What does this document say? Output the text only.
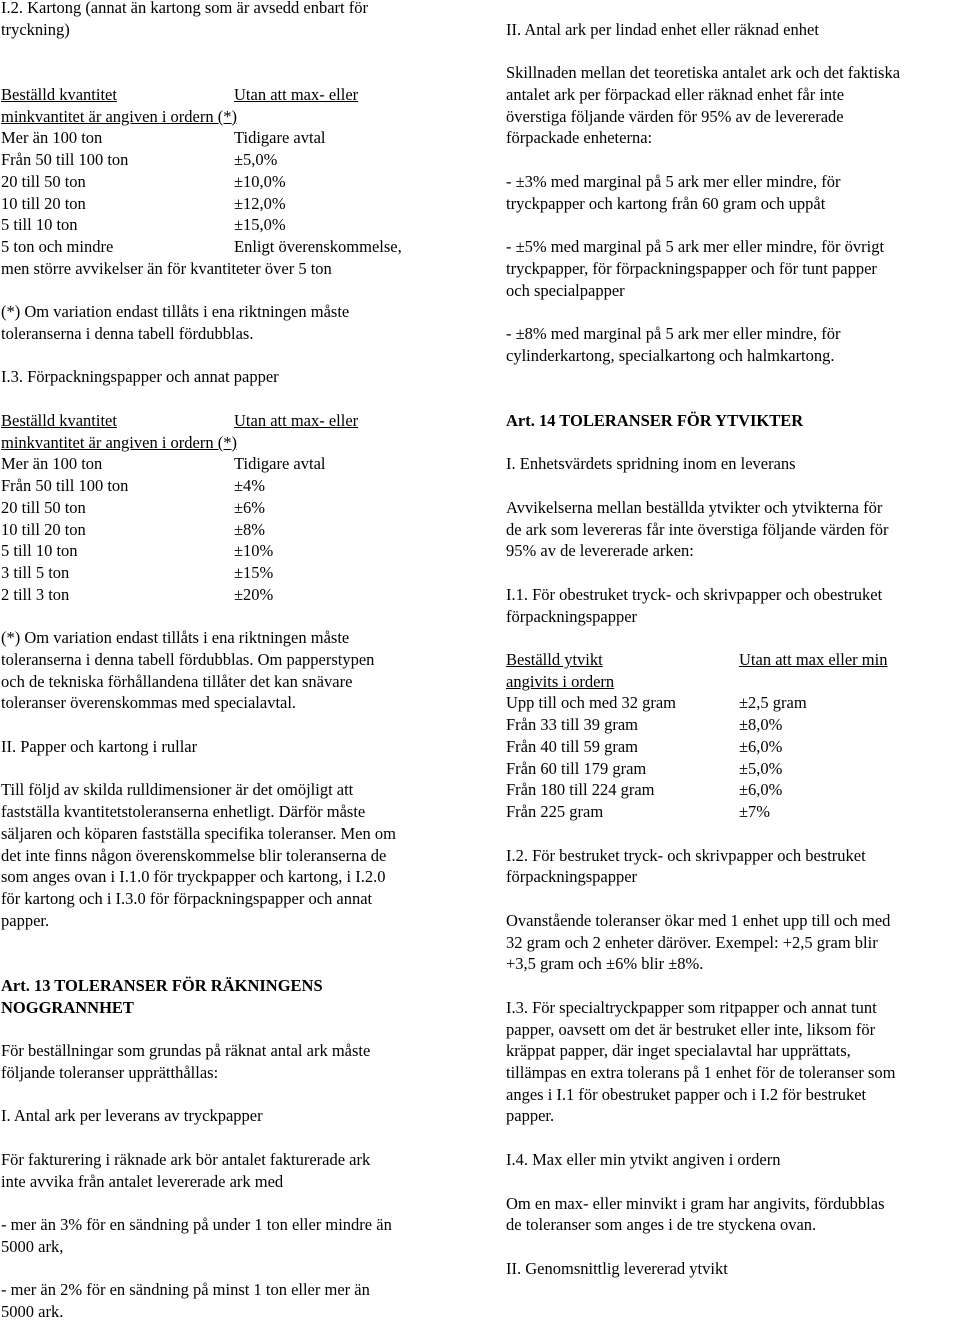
I.2. Kartong (annat än kartong som är avsedd enbart för
tryckning)
Beställd kvantitet	Utan att max- eller
minkvantitet är angiven i ordern (*)
Mer än 100 ton	Tidigare avtal
Från 50 till 100 ton	±5,0%
20 till 50 ton	±10,0%
10 till 20 ton	±12,0%
5 till 10 ton	±15,0%
5 ton och mindre	Enligt överenskommelse,
men större avvikelser än för kvantiteter över 5 ton
(*) Om variation endast tillåts i ena riktningen måste
toleranserna i denna tabell fördubblas.
I.3. Förpackningspapper och annat papper
Beställd kvantitet	Utan att max- eller
minkvantitet är angiven i ordern (*)
Mer än 100 ton	Tidigare avtal
Från 50 till 100 ton	±4%
20 till 50 ton	±6%
10 till 20 ton	±8%
5 till 10 ton	±10%
3 till 5 ton	±15%
2 till 3 ton	±20%
(*) Om variation endast tillåts i ena riktningen måste
toleranserna i denna tabell fördubblas. Om papperstypen
och de tekniska förhållandena tillåter det kan snävare
toleranser överenskommas med specialavtal.
II. Papper och kartong i rullar
Till följd av skilda rulldimensioner är det omöjligt att
fastställa kvantitetstoleranserna enhetligt. Därför måste
säljaren och köparen fastställa specifika toleranser. Men om
det inte finns någon överenskommelse blir toleranserna de
som anges ovan i I.1.0 för tryckpapper och kartong, i I.2.0
för kartong och i I.3.0 för förpackningspapper och annat
papper.
Art. 13 TOLERANSER FÖR RÄKNINGENS
NOGGRANNHET
För beställningar som grundas på räknat antal ark måste
följande toleranser upprätthållas:
I. Antal ark per leverans av tryckpapper
För fakturering i räknade ark bör antalet fakturerade ark
inte avvika från antalet levererade ark med
- mer än 3% för en sändning på under 1 ton eller mindre än
5000 ark,
- mer än 2% för en sändning på minst 1 ton eller mer än
5000 ark.
II. Antal ark per lindad enhet eller räknad enhet
Skillnaden mellan det teoretiska antalet ark och det faktiska
antalet ark per förpackad eller räknad enhet får inte
överstiga följande värden för 95% av de levererade
förpackade enheterna:
- ±3% med marginal på 5 ark mer eller mindre, för
tryckpapper och kartong från 60 gram och uppåt
- ±5% med marginal på 5 ark mer eller mindre, för övrigt
tryckpapper, för förpackningspapper och för tunt papper
och specialpapper
- ±8% med marginal på 5 ark mer eller mindre, för
cylinderkartong, specialkartong och halmkartong.
Art. 14 TOLERANSER FÖR YTVIKTER
I. Enhetsvärdets spridning inom en leverans
Avvikelserna mellan beställda ytvikter och ytvikterna för
de ark som levereras får inte överstiga följande värden för
95% av de levererade arken:
I.1. För obestruket tryck- och skrivpapper och obestruket
förpackningspapper
Beställd ytvikt	Utan att max eller min
angivits i ordern
Upp till och med 32 gram	±2,5 gram
Från 33 till 39 gram	±8,0%
Från 40 till 59 gram	±6,0%
Från 60 till 179 gram	±5,0%
Från 180 till 224 gram	±6,0%
Från 225 gram	±7%
I.2. För bestruket tryck- och skrivpapper och bestruket
förpackningspapper
Ovanstående toleranser ökar med 1 enhet upp till och med
32 gram och 2 enheter däröver. Exempel: +2,5 gram blir
+3,5 gram och ±6% blir ±8%.
I.3. För specialtryckpapper som ritpapper och annat tunt
papper, oavsett om det är bestruket eller inte, liksom för
kräppat papper, där inget specialavtal har upprättats,
tillämpas en extra tolerans på 1 enhet för de toleranser som
anges i I.1 för obestruket papper och i I.2 för bestruket
papper.
I.4. Max eller min ytvikt angiven i ordern
Om en max- eller minvikt i gram har angivits, fördubblas
de toleranser som anges i de tre styckena ovan.
II. Genomsnittlig levererad ytvikt
